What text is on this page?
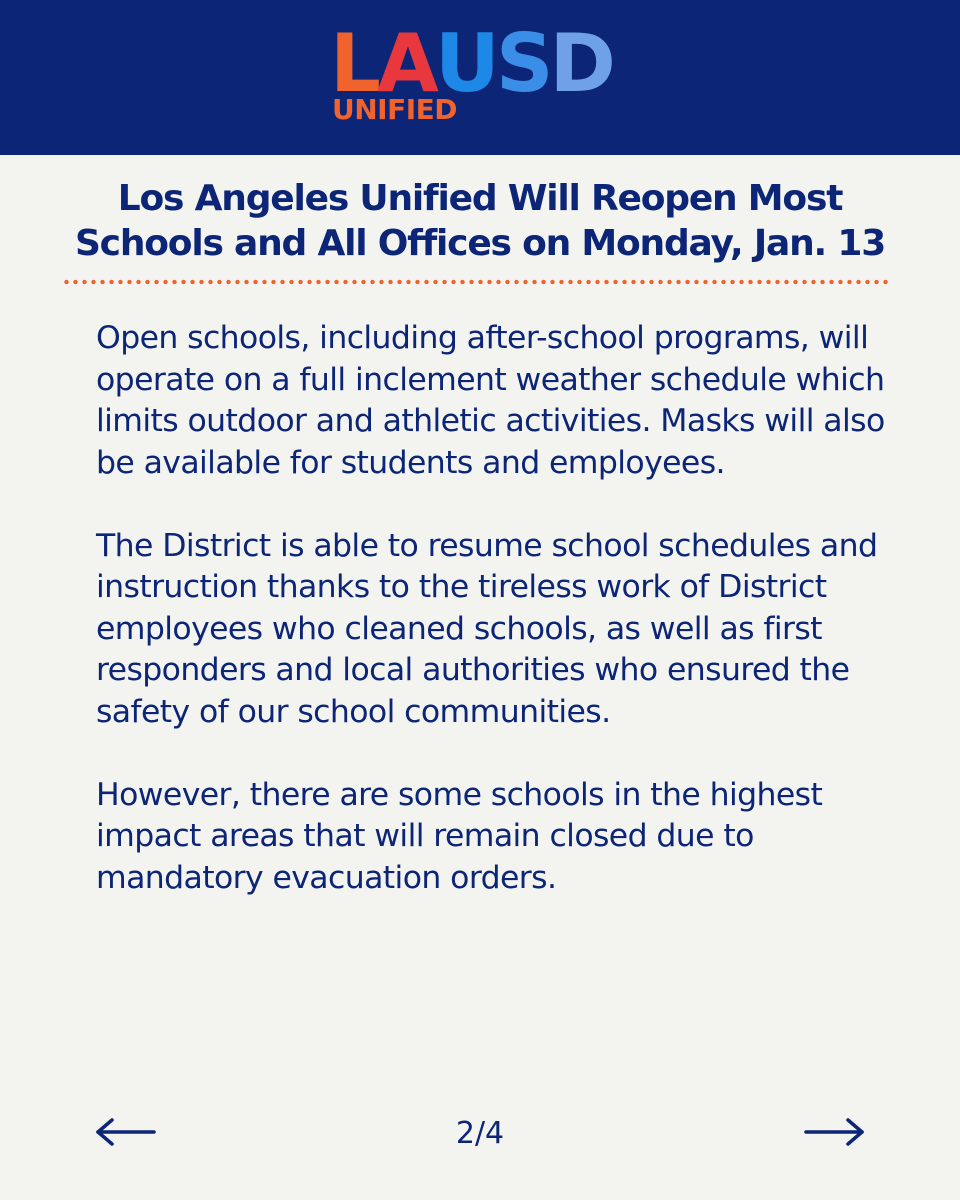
LAUSD
UNIFIED
Los Angeles Unified Will Reopen Most
Schools and All Offices on Monday, Jan. 13

Open schools, including after-school programs, will operate on a full inclement weather schedule which limits outdoor and athletic activities. Masks will also be available for students and employees.

The District is able to resume school schedules and instruction thanks to the tireless work of District employees who cleaned schools, as well as first responders and local authorities who ensured the safety of our school communities.

However, there are some schools in the highest impact areas that will remain closed due to mandatory evacuation orders.

2/4
